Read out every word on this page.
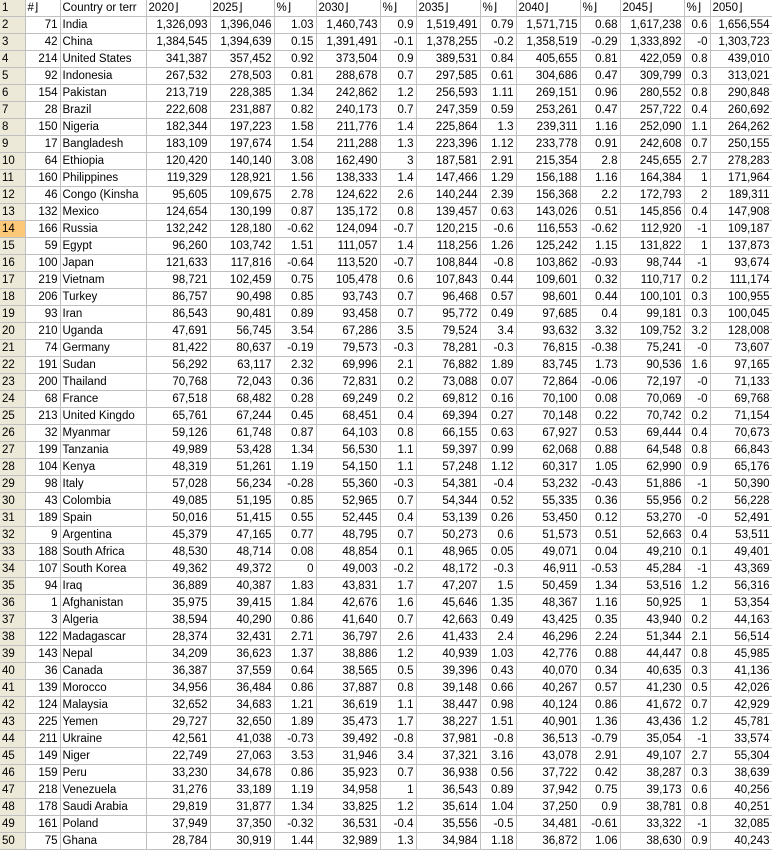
1	#⌋	Country or terr	2020⌋	2025⌋	%⌋	2030⌋	%⌋	2035⌋	%⌋	2040⌋	%⌋	2045⌋	%⌋	2050⌋
2	71	India	1,326,093	1,396,046	1.03	1,460,743	0.9	1,519,491	0.79	1,571,715	0.68	1,617,238	0.6	1,656,554
3	42	China	1,384,545	1,394,639	0.15	1,391,491	-0.1	1,378,255	-0.2	1,358,519	-0.29	1,333,892	-0	1,303,723
4	214	United States	341,387	357,452	0.92	373,504	0.9	389,531	0.84	405,655	0.81	422,059	0.8	439,010
5	92	Indonesia	267,532	278,503	0.81	288,678	0.7	297,585	0.61	304,686	0.47	309,799	0.3	313,021
6	154	Pakistan	213,719	228,385	1.34	242,862	1.2	256,593	1.11	269,151	0.96	280,552	0.8	290,848
7	28	Brazil	222,608	231,887	0.82	240,173	0.7	247,359	0.59	253,261	0.47	257,722	0.4	260,692
8	150	Nigeria	182,344	197,223	1.58	211,776	1.4	225,864	1.3	239,311	1.16	252,090	1.1	264,262
9	17	Bangladesh	183,109	197,674	1.54	211,288	1.3	223,396	1.12	233,778	0.91	242,608	0.7	250,155
10	64	Ethiopia	120,420	140,140	3.08	162,490	3	187,581	2.91	215,354	2.8	245,655	2.7	278,283
11	160	Philippines	119,329	128,921	1.56	138,333	1.4	147,466	1.29	156,188	1.16	164,384	1	171,964
12	46	Congo (Kinsha	95,605	109,675	2.78	124,622	2.6	140,244	2.39	156,368	2.2	172,793	2	189,311
13	132	Mexico	124,654	130,199	0.87	135,172	0.8	139,457	0.63	143,026	0.51	145,856	0.4	147,908
14	166	Russia	132,242	128,180	-0.62	124,094	-0.7	120,215	-0.6	116,553	-0.62	112,920	-1	109,187
15	59	Egypt	96,260	103,742	1.51	111,057	1.4	118,256	1.26	125,242	1.15	131,822	1	137,873
16	100	Japan	121,633	117,816	-0.64	113,520	-0.7	108,844	-0.8	103,862	-0.93	98,744	-1	93,674
17	219	Vietnam	98,721	102,459	0.75	105,478	0.6	107,843	0.44	109,601	0.32	110,717	0.2	111,174
18	206	Turkey	86,757	90,498	0.85	93,743	0.7	96,468	0.57	98,601	0.44	100,101	0.3	100,955
19	93	Iran	86,543	90,481	0.89	93,458	0.7	95,772	0.49	97,685	0.4	99,181	0.3	100,045
20	210	Uganda	47,691	56,745	3.54	67,286	3.5	79,524	3.4	93,632	3.32	109,752	3.2	128,008
21	74	Germany	81,422	80,637	-0.19	79,573	-0.3	78,281	-0.3	76,815	-0.38	75,241	-0	73,607
22	191	Sudan	56,292	63,117	2.32	69,996	2.1	76,882	1.89	83,745	1.73	90,536	1.6	97,165
23	200	Thailand	70,768	72,043	0.36	72,831	0.2	73,088	0.07	72,864	-0.06	72,197	-0	71,133
24	68	France	67,518	68,482	0.28	69,249	0.2	69,812	0.16	70,100	0.08	70,069	-0	69,768
25	213	United Kingdo	65,761	67,244	0.45	68,451	0.4	69,394	0.27	70,148	0.22	70,742	0.2	71,154
26	32	Myanmar	59,126	61,748	0.87	64,103	0.8	66,155	0.63	67,927	0.53	69,444	0.4	70,673
27	199	Tanzania	49,989	53,428	1.34	56,530	1.1	59,397	0.99	62,068	0.88	64,548	0.8	66,843
28	104	Kenya	48,319	51,261	1.19	54,150	1.1	57,248	1.12	60,317	1.05	62,990	0.9	65,176
29	98	Italy	57,028	56,234	-0.28	55,360	-0.3	54,381	-0.4	53,232	-0.43	51,886	-1	50,390
30	43	Colombia	49,085	51,195	0.85	52,965	0.7	54,344	0.52	55,335	0.36	55,956	0.2	56,228
31	189	Spain	50,016	51,415	0.55	52,445	0.4	53,139	0.26	53,450	0.12	53,270	-0	52,491
32	9	Argentina	45,379	47,165	0.77	48,795	0.7	50,273	0.6	51,573	0.51	52,663	0.4	53,511
33	188	South Africa	48,530	48,714	0.08	48,854	0.1	48,965	0.05	49,071	0.04	49,210	0.1	49,401
34	107	South Korea	49,362	49,372	0	49,003	-0.2	48,172	-0.3	46,911	-0.53	45,284	-1	43,369
35	94	Iraq	36,889	40,387	1.83	43,831	1.7	47,207	1.5	50,459	1.34	53,516	1.2	56,316
36	1	Afghanistan	35,975	39,415	1.84	42,676	1.6	45,646	1.35	48,367	1.16	50,925	1	53,354
37	3	Algeria	38,594	40,290	0.86	41,640	0.7	42,663	0.49	43,425	0.35	43,940	0.2	44,163
38	122	Madagascar	28,374	32,431	2.71	36,797	2.6	41,433	2.4	46,296	2.24	51,344	2.1	56,514
39	143	Nepal	34,209	36,623	1.37	38,886	1.2	40,939	1.03	42,776	0.88	44,447	0.8	45,985
40	36	Canada	36,387	37,559	0.64	38,565	0.5	39,396	0.43	40,070	0.34	40,635	0.3	41,136
41	139	Morocco	34,956	36,484	0.86	37,887	0.8	39,148	0.66	40,267	0.57	41,230	0.5	42,026
42	124	Malaysia	32,652	34,683	1.21	36,619	1.1	38,447	0.98	40,124	0.86	41,672	0.7	42,929
43	225	Yemen	29,727	32,650	1.89	35,473	1.7	38,227	1.51	40,901	1.36	43,436	1.2	45,781
44	211	Ukraine	42,561	41,038	-0.73	39,492	-0.8	37,981	-0.8	36,513	-0.79	35,054	-1	33,574
45	149	Niger	22,749	27,063	3.53	31,946	3.4	37,321	3.16	43,078	2.91	49,107	2.7	55,304
46	159	Peru	33,230	34,678	0.86	35,923	0.7	36,938	0.56	37,722	0.42	38,287	0.3	38,639
47	218	Venezuela	31,276	33,189	1.19	34,958	1	36,543	0.89	37,942	0.75	39,173	0.6	40,256
48	178	Saudi Arabia	29,819	31,877	1.34	33,825	1.2	35,614	1.04	37,250	0.9	38,781	0.8	40,251
49	161	Poland	37,949	37,350	-0.32	36,531	-0.4	35,556	-0.5	34,481	-0.61	33,322	-1	32,085
50	75	Ghana	28,784	30,919	1.44	32,989	1.3	34,984	1.18	36,872	1.06	38,630	0.9	40,243
